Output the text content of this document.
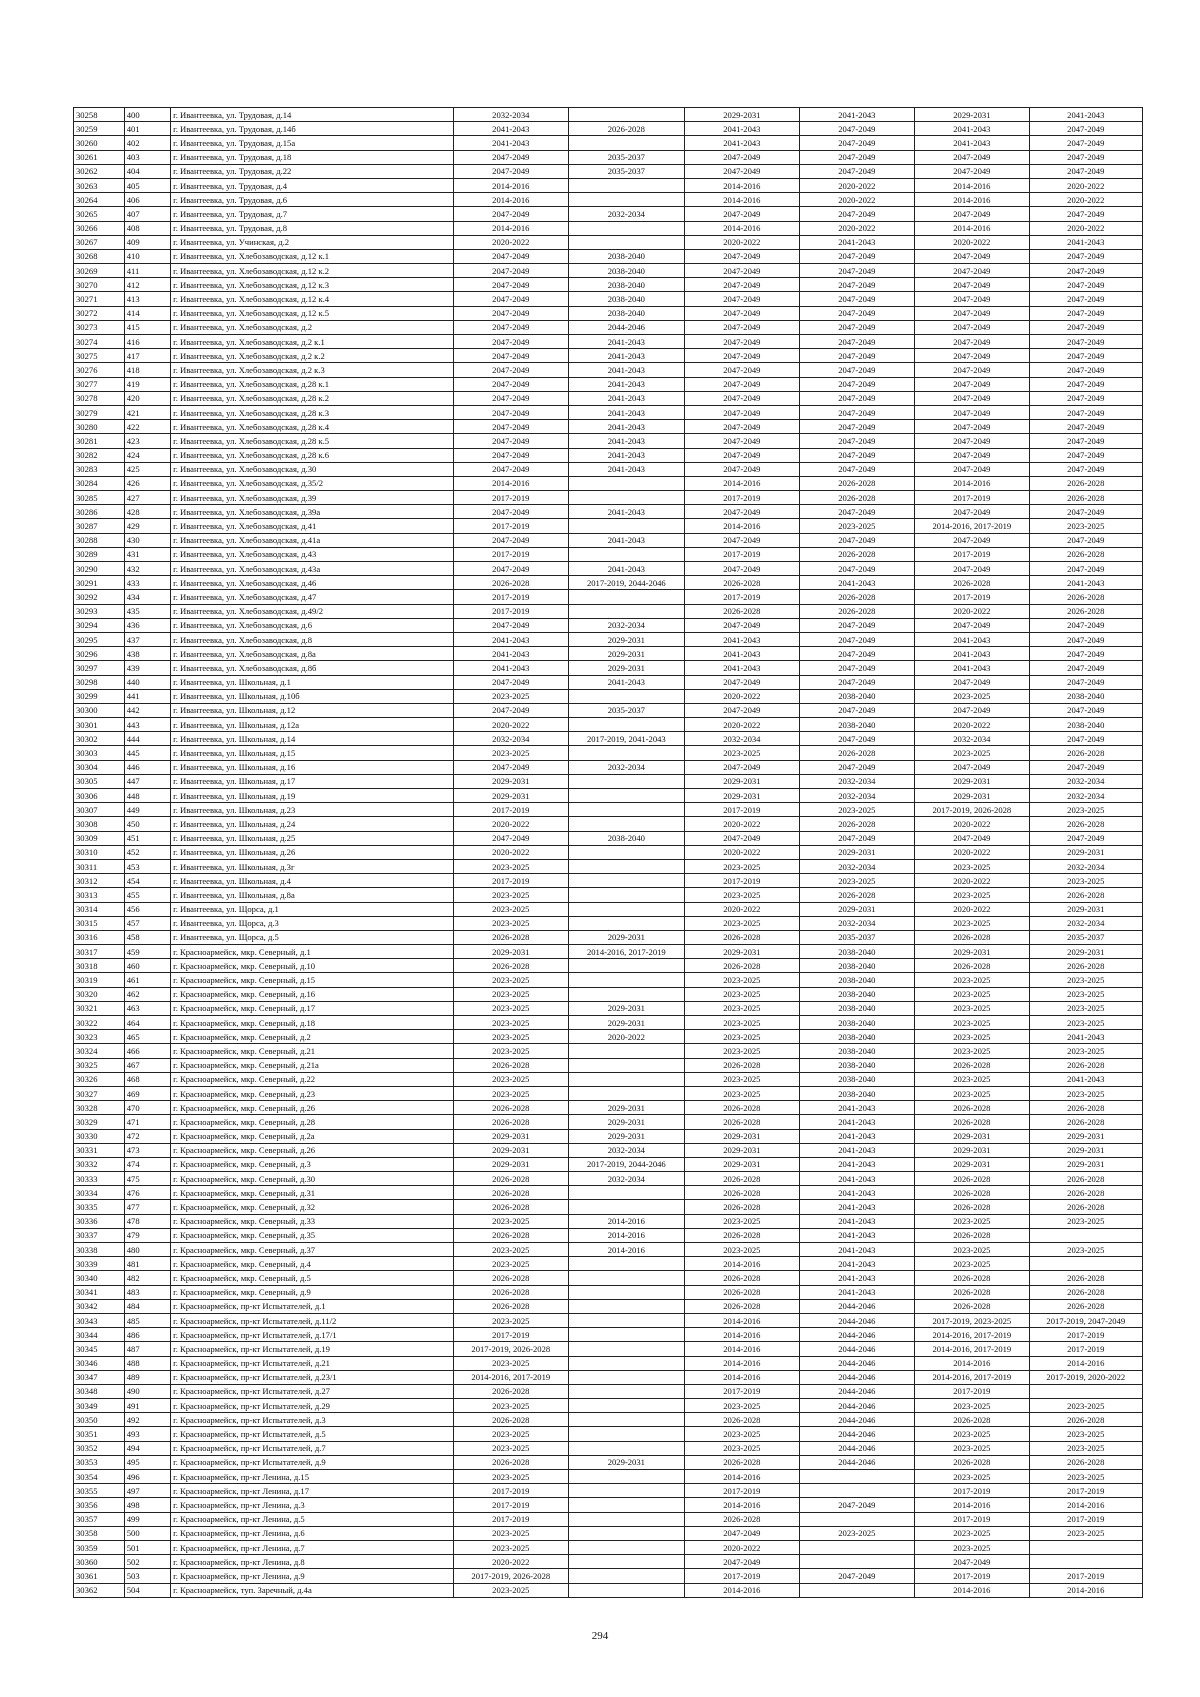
30258	400	г. Ивантеевка, ул. Трудовая, д.14	2032-2034		2029-2031	2041-2043	2029-2031	2041-2043
30259	401	г. Ивантеевка, ул. Трудовая, д.14б	2041-2043	2026-2028	2041-2043	2047-2049	2041-2043	2047-2049
30260	402	г. Ивантеевка, ул. Трудовая, д.15а	2041-2043		2041-2043	2047-2049	2041-2043	2047-2049
30261	403	г. Ивантеевка, ул. Трудовая, д.18	2047-2049	2035-2037	2047-2049	2047-2049	2047-2049	2047-2049
30262	404	г. Ивантеевка, ул. Трудовая, д.22	2047-2049	2035-2037	2047-2049	2047-2049	2047-2049	2047-2049
30263	405	г. Ивантеевка, ул. Трудовая, д.4	2014-2016		2014-2016	2020-2022	2014-2016	2020-2022
30264	406	г. Ивантеевка, ул. Трудовая, д.6	2014-2016		2014-2016	2020-2022	2014-2016	2020-2022
30265	407	г. Ивантеевка, ул. Трудовая, д.7	2047-2049	2032-2034	2047-2049	2047-2049	2047-2049	2047-2049
30266	408	г. Ивантеевка, ул. Трудовая, д.8	2014-2016		2014-2016	2020-2022	2014-2016	2020-2022
30267	409	г. Ивантеевка, ул. Учинская, д.2	2020-2022		2020-2022	2041-2043	2020-2022	2041-2043
30268	410	г. Ивантеевка, ул. Хлебозаводская, д.12 к.1	2047-2049	2038-2040	2047-2049	2047-2049	2047-2049	2047-2049
30269	411	г. Ивантеевка, ул. Хлебозаводская, д.12 к.2	2047-2049	2038-2040	2047-2049	2047-2049	2047-2049	2047-2049
30270	412	г. Ивантеевка, ул. Хлебозаводская, д.12 к.3	2047-2049	2038-2040	2047-2049	2047-2049	2047-2049	2047-2049
30271	413	г. Ивантеевка, ул. Хлебозаводская, д.12 к.4	2047-2049	2038-2040	2047-2049	2047-2049	2047-2049	2047-2049
30272	414	г. Ивантеевка, ул. Хлебозаводская, д.12 к.5	2047-2049	2038-2040	2047-2049	2047-2049	2047-2049	2047-2049
30273	415	г. Ивантеевка, ул. Хлебозаводская, д.2	2047-2049	2044-2046	2047-2049	2047-2049	2047-2049	2047-2049
30274	416	г. Ивантеевка, ул. Хлебозаводская, д.2 к.1	2047-2049	2041-2043	2047-2049	2047-2049	2047-2049	2047-2049
30275	417	г. Ивантеевка, ул. Хлебозаводская, д.2 к.2	2047-2049	2041-2043	2047-2049	2047-2049	2047-2049	2047-2049
30276	418	г. Ивантеевка, ул. Хлебозаводская, д.2 к.3	2047-2049	2041-2043	2047-2049	2047-2049	2047-2049	2047-2049
30277	419	г. Ивантеевка, ул. Хлебозаводская, д.28 к.1	2047-2049	2041-2043	2047-2049	2047-2049	2047-2049	2047-2049
30278	420	г. Ивантеевка, ул. Хлебозаводская, д.28 к.2	2047-2049	2041-2043	2047-2049	2047-2049	2047-2049	2047-2049
30279	421	г. Ивантеевка, ул. Хлебозаводская, д.28 к.3	2047-2049	2041-2043	2047-2049	2047-2049	2047-2049	2047-2049
30280	422	г. Ивантеевка, ул. Хлебозаводская, д.28 к.4	2047-2049	2041-2043	2047-2049	2047-2049	2047-2049	2047-2049
30281	423	г. Ивантеевка, ул. Хлебозаводская, д.28 к.5	2047-2049	2041-2043	2047-2049	2047-2049	2047-2049	2047-2049
30282	424	г. Ивантеевка, ул. Хлебозаводская, д.28 к.6	2047-2049	2041-2043	2047-2049	2047-2049	2047-2049	2047-2049
30283	425	г. Ивантеевка, ул. Хлебозаводская, д.30	2047-2049	2041-2043	2047-2049	2047-2049	2047-2049	2047-2049
30284	426	г. Ивантеевка, ул. Хлебозаводская, д.35/2	2014-2016		2014-2016	2026-2028	2014-2016	2026-2028
30285	427	г. Ивантеевка, ул. Хлебозаводская, д.39	2017-2019		2017-2019	2026-2028	2017-2019	2026-2028
30286	428	г. Ивантеевка, ул. Хлебозаводская, д.39а	2047-2049	2041-2043	2047-2049	2047-2049	2047-2049	2047-2049
30287	429	г. Ивантеевка, ул. Хлебозаводская, д.41	2017-2019		2014-2016	2023-2025	2014-2016, 2017-2019	2023-2025
30288	430	г. Ивантеевка, ул. Хлебозаводская, д.41а	2047-2049	2041-2043	2047-2049	2047-2049	2047-2049	2047-2049
30289	431	г. Ивантеевка, ул. Хлебозаводская, д.43	2017-2019		2017-2019	2026-2028	2017-2019	2026-2028
30290	432	г. Ивантеевка, ул. Хлебозаводская, д.43а	2047-2049	2041-2043	2047-2049	2047-2049	2047-2049	2047-2049
30291	433	г. Ивантеевка, ул. Хлебозаводская, д.46	2026-2028	2017-2019, 2044-2046	2026-2028	2041-2043	2026-2028	2041-2043
30292	434	г. Ивантеевка, ул. Хлебозаводская, д.47	2017-2019		2017-2019	2026-2028	2017-2019	2026-2028
30293	435	г. Ивантеевка, ул. Хлебозаводская, д.49/2	2017-2019		2026-2028	2026-2028	2020-2022	2026-2028
30294	436	г. Ивантеевка, ул. Хлебозаводская, д.6	2047-2049	2032-2034	2047-2049	2047-2049	2047-2049	2047-2049
30295	437	г. Ивантеевка, ул. Хлебозаводская, д.8	2041-2043	2029-2031	2041-2043	2047-2049	2041-2043	2047-2049
30296	438	г. Ивантеевка, ул. Хлебозаводская, д.8а	2041-2043	2029-2031	2041-2043	2047-2049	2041-2043	2047-2049
30297	439	г. Ивантеевка, ул. Хлебозаводская, д.8б	2041-2043	2029-2031	2041-2043	2047-2049	2041-2043	2047-2049
30298	440	г. Ивантеевка, ул. Школьная, д.1	2047-2049	2041-2043	2047-2049	2047-2049	2047-2049	2047-2049
30299	441	г. Ивантеевка, ул. Школьная, д.10б	2023-2025		2020-2022	2038-2040	2023-2025	2038-2040
30300	442	г. Ивантеевка, ул. Школьная, д.12	2047-2049	2035-2037	2047-2049	2047-2049	2047-2049	2047-2049
30301	443	г. Ивантеевка, ул. Школьная, д.12а	2020-2022		2020-2022	2038-2040	2020-2022	2038-2040
30302	444	г. Ивантеевка, ул. Школьная, д.14	2032-2034	2017-2019, 2041-2043	2032-2034	2047-2049	2032-2034	2047-2049
30303	445	г. Ивантеевка, ул. Школьная, д.15	2023-2025		2023-2025	2026-2028	2023-2025	2026-2028
30304	446	г. Ивантеевка, ул. Школьная, д.16	2047-2049	2032-2034	2047-2049	2047-2049	2047-2049	2047-2049
30305	447	г. Ивантеевка, ул. Школьная, д.17	2029-2031		2029-2031	2032-2034	2029-2031	2032-2034
30306	448	г. Ивантеевка, ул. Школьная, д.19	2029-2031		2029-2031	2032-2034	2029-2031	2032-2034
30307	449	г. Ивантеевка, ул. Школьная, д.23	2017-2019		2017-2019	2023-2025	2017-2019, 2026-2028	2023-2025
30308	450	г. Ивантеевка, ул. Школьная, д.24	2020-2022		2020-2022	2026-2028	2020-2022	2026-2028
30309	451	г. Ивантеевка, ул. Школьная, д.25	2047-2049	2038-2040	2047-2049	2047-2049	2047-2049	2047-2049
30310	452	г. Ивантеевка, ул. Школьная, д.26	2020-2022		2020-2022	2029-2031	2020-2022	2029-2031
30311	453	г. Ивантеевка, ул. Школьная, д.3г	2023-2025		2023-2025	2032-2034	2023-2025	2032-2034
30312	454	г. Ивантеевка, ул. Школьная, д.4	2017-2019		2017-2019	2023-2025	2020-2022	2023-2025
30313	455	г. Ивантеевка, ул. Школьная, д.8а	2023-2025		2023-2025	2026-2028	2023-2025	2026-2028
30314	456	г. Ивантеевка, ул. Щорса, д.1	2023-2025		2020-2022	2029-2031	2020-2022	2029-2031
30315	457	г. Ивантеевка, ул. Щорса, д.3	2023-2025		2023-2025	2032-2034	2023-2025	2032-2034
30316	458	г. Ивантеевка, ул. Щорса, д.5	2026-2028	2029-2031	2026-2028	2035-2037	2026-2028	2035-2037
30317	459	г. Красноармейск, мкр. Северный, д.1	2029-2031	2014-2016, 2017-2019	2029-2031	2038-2040	2029-2031	2029-2031
30318	460	г. Красноармейск, мкр. Северный, д.10	2026-2028		2026-2028	2038-2040	2026-2028	2026-2028
30319	461	г. Красноармейск, мкр. Северный, д.15	2023-2025		2023-2025	2038-2040	2023-2025	2023-2025
30320	462	г. Красноармейск, мкр. Северный, д.16	2023-2025		2023-2025	2038-2040	2023-2025	2023-2025
30321	463	г. Красноармейск, мкр. Северный, д.17	2023-2025	2029-2031	2023-2025	2038-2040	2023-2025	2023-2025
30322	464	г. Красноармейск, мкр. Северный, д.18	2023-2025	2029-2031	2023-2025	2038-2040	2023-2025	2023-2025
30323	465	г. Красноармейск, мкр. Северный, д.2	2023-2025	2020-2022	2023-2025	2038-2040	2023-2025	2041-2043
30324	466	г. Красноармейск, мкр. Северный, д.21	2023-2025		2023-2025	2038-2040	2023-2025	2023-2025
30325	467	г. Красноармейск, мкр. Северный, д.21а	2026-2028		2026-2028	2038-2040	2026-2028	2026-2028
30326	468	г. Красноармейск, мкр. Северный, д.22	2023-2025		2023-2025	2038-2040	2023-2025	2041-2043
30327	469	г. Красноармейск, мкр. Северный, д.23	2023-2025		2023-2025	2038-2040	2023-2025	2023-2025
30328	470	г. Красноармейск, мкр. Северный, д.26	2026-2028	2029-2031	2026-2028	2041-2043	2026-2028	2026-2028
30329	471	г. Красноармейск, мкр. Северный, д.28	2026-2028	2029-2031	2026-2028	2041-2043	2026-2028	2026-2028
30330	472	г. Красноармейск, мкр. Северный, д.2а	2029-2031	2029-2031	2029-2031	2041-2043	2029-2031	2029-2031
30331	473	г. Красноармейск, мкр. Северный, д.26	2029-2031	2032-2034	2029-2031	2041-2043	2029-2031	2029-2031
30332	474	г. Красноармейск, мкр. Северный, д.3	2029-2031	2017-2019, 2044-2046	2029-2031	2041-2043	2029-2031	2029-2031
30333	475	г. Красноармейск, мкр. Северный, д.30	2026-2028	2032-2034	2026-2028	2041-2043	2026-2028	2026-2028
30334	476	г. Красноармейск, мкр. Северный, д.31	2026-2028		2026-2028	2041-2043	2026-2028	2026-2028
30335	477	г. Красноармейск, мкр. Северный, д.32	2026-2028		2026-2028	2041-2043	2026-2028	2026-2028
30336	478	г. Красноармейск, мкр. Северный, д.33	2023-2025	2014-2016	2023-2025	2041-2043	2023-2025	2023-2025
30337	479	г. Красноармейск, мкр. Северный, д.35	2026-2028	2014-2016	2026-2028	2041-2043	2026-2028	
30338	480	г. Красноармейск, мкр. Северный, д.37	2023-2025	2014-2016	2023-2025	2041-2043	2023-2025	2023-2025
30339	481	г. Красноармейск, мкр. Северный, д.4	2023-2025		2014-2016	2041-2043	2023-2025	
30340	482	г. Красноармейск, мкр. Северный, д.5	2026-2028		2026-2028	2041-2043	2026-2028	2026-2028
30341	483	г. Красноармейск, мкр. Северный, д.9	2026-2028		2026-2028	2041-2043	2026-2028	2026-2028
30342	484	г. Красноармейск, пр-кт Испытателей, д.1	2026-2028		2026-2028	2044-2046	2026-2028	2026-2028
30343	485	г. Красноармейск, пр-кт Испытателей, д.11/2	2023-2025		2014-2016	2044-2046	2017-2019, 2023-2025	2017-2019, 2047-2049
30344	486	г. Красноармейск, пр-кт Испытателей, д.17/1	2017-2019		2014-2016	2044-2046	2014-2016, 2017-2019	2017-2019
30345	487	г. Красноармейск, пр-кт Испытателей, д.19	2017-2019, 2026-2028		2014-2016	2044-2046	2014-2016, 2017-2019	2017-2019
30346	488	г. Красноармейск, пр-кт Испытателей, д.21	2023-2025		2014-2016	2044-2046	2014-2016	2014-2016
30347	489	г. Красноармейск, пр-кт Испытателей, д.23/1	2014-2016, 2017-2019		2014-2016	2044-2046	2014-2016, 2017-2019	2017-2019, 2020-2022
30348	490	г. Красноармейск, пр-кт Испытателей, д.27	2026-2028		2017-2019	2044-2046	2017-2019	
30349	491	г. Красноармейск, пр-кт Испытателей, д.29	2023-2025		2023-2025	2044-2046	2023-2025	2023-2025
30350	492	г. Красноармейск, пр-кт Испытателей, д.3	2026-2028		2026-2028	2044-2046	2026-2028	2026-2028
30351	493	г. Красноармейск, пр-кт Испытателей, д.5	2023-2025		2023-2025	2044-2046	2023-2025	2023-2025
30352	494	г. Красноармейск, пр-кт Испытателей, д.7	2023-2025		2023-2025	2044-2046	2023-2025	2023-2025
30353	495	г. Красноармейск, пр-кт Испытателей, д.9	2026-2028	2029-2031	2026-2028	2044-2046	2026-2028	2026-2028
30354	496	г. Красноармейск, пр-кт Ленина, д.15	2023-2025		2014-2016		2023-2025	2023-2025
30355	497	г. Красноармейск, пр-кт Ленина, д.17	2017-2019		2017-2019		2017-2019	2017-2019
30356	498	г. Красноармейск, пр-кт Ленина, д.3	2017-2019		2014-2016	2047-2049	2014-2016	2014-2016
30357	499	г. Красноармейск, пр-кт Ленина, д.5	2017-2019		2026-2028		2017-2019	2017-2019
30358	500	г. Красноармейск, пр-кт Ленина, д.6	2023-2025		2047-2049	2023-2025	2023-2025	2023-2025
30359	501	г. Красноармейск, пр-кт Ленина, д.7	2023-2025		2020-2022		2023-2025	
30360	502	г. Красноармейск, пр-кт Ленина, д.8	2020-2022		2047-2049		2047-2049	
30361	503	г. Красноармейск, пр-кт Ленина, д.9	2017-2019, 2026-2028		2017-2019	2047-2049	2017-2019	2017-2019
30362	504	г. Красноармейск, туп. Заречный, д.4а	2023-2025		2014-2016		2014-2016	2014-2016
294
